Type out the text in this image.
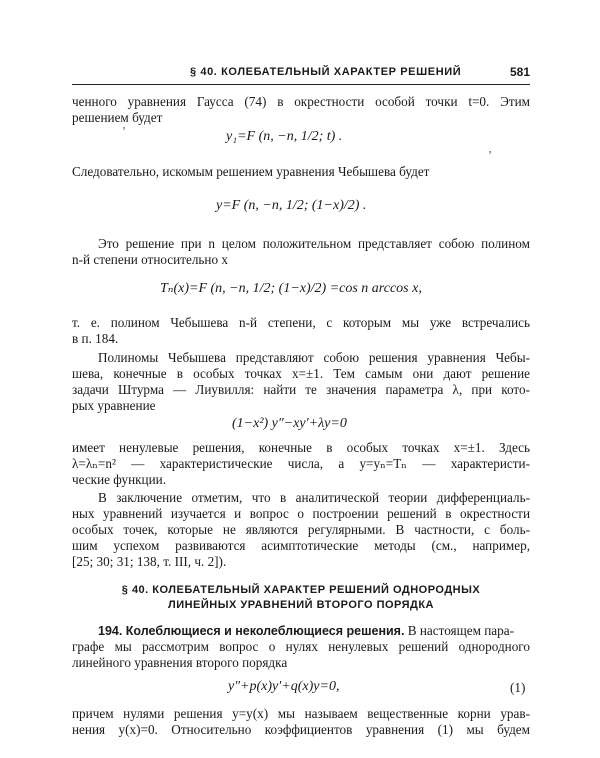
§ 40. КОЛЕБАТЕЛЬНЫЙ ХАРАКТЕР РЕШЕНИЙ	581
ченного уравнения Гаусса (74) в окрестности особой точки t=0. Этим
решением будет
ʼ	y₁=F (n, −n, 1/2; t) .
Следовательно, искомым решением уравнения Чебышева будет
ʼ
y=F (n, −n, 1/2; (1−x)/2) .
Это решение при n целом положительном представляет собою полином
n-й степени относительно x
Tₙ(x)=F (n, −n, 1/2; (1−x)/2) =cos n arccos x,
т. е. полином Чебышева n-й степени, с которым мы уже встречались
в п. 184.
Полиномы Чебышева представляют собою решения уравнения Чебы-
шева, конечные в особых точках x=±1. Тем самым они дают решение
задачи Штурма — Лиувилля: найти те значения параметра λ, при кото-
рых уравнение
(1−x²) y″−xy′+λy=0
имеет ненулевые решения, конечные в особых точках x=±1. Здесь
λ=λₙ=n² — характеристические числа, а y=yₙ=Tₙ — характеристи-
ческие функции.
В заключение отметим, что в аналитической теории дифференциаль-
ных уравнений изучается и вопрос о построении решений в окрестности
особых точек, которые не являются регулярными. В частности, с боль-
шим успехом развиваются асимптотические методы (см., например,
[25; 30; 31; 138, т. III, ч. 2]).
§ 40. КОЛЕБАТЕЛЬНЫЙ ХАРАКТЕР РЕШЕНИЙ ОДНОРОДНЫХ
ЛИНЕЙНЫХ УРАВНЕНИЙ ВТОРОГО ПОРЯДКА
194. Колеблющиеся и неколеблющиеся решения. В настоящем пара-
графе мы рассмотрим вопрос о нулях ненулевых решений однородного
линейного уравнения второго порядка
y″+p(x)y′+q(x)y=0,	(1)
причем нулями решения y=y(x) мы называем вещественные корни урав-
нения y(x)=0. Относительно коэффициентов уравнения (1) мы будем
